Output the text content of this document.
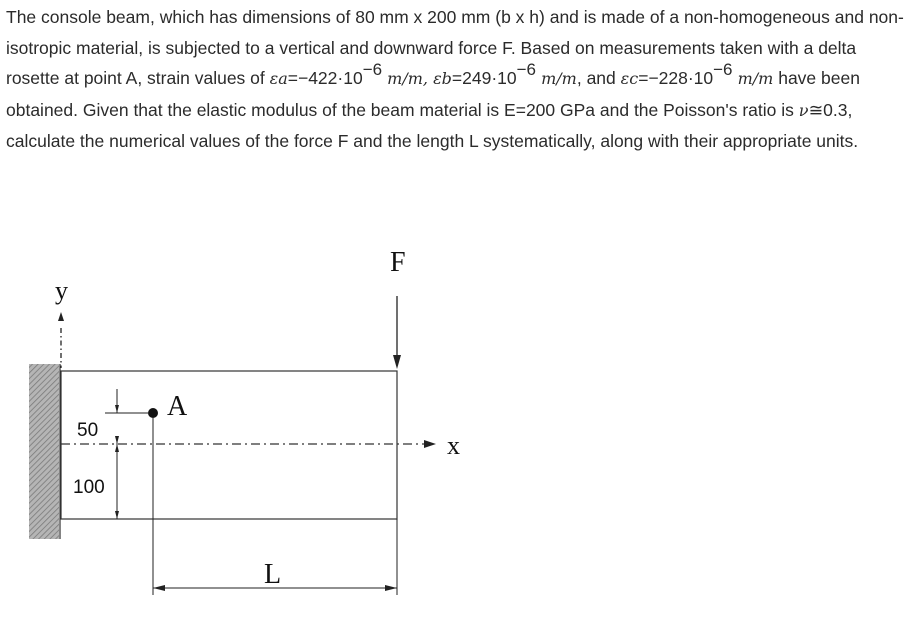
The console beam, which has dimensions of 80 mm x 200 mm (b x h) and is made of a non-homogeneous and non-isotropic material, is subjected to a vertical and downward force F. Based on measurements taken with a delta rosette at point A, strain values of $\varepsilon a=-422\cdot 10^{-6}$ m/m, $\varepsilon b=249\cdot 10^{-6}$ m/m, and $\varepsilon c=-228\cdot 10^{-6}$ m/m have been obtained. Given that the elastic modulus of the beam material is E=200 GPa and the Poisson's ratio is ν≅0.3, calculate the numerical values of the force F and the length L systematically, along with their appropriate units.

y
x
F
A
50
100
L
